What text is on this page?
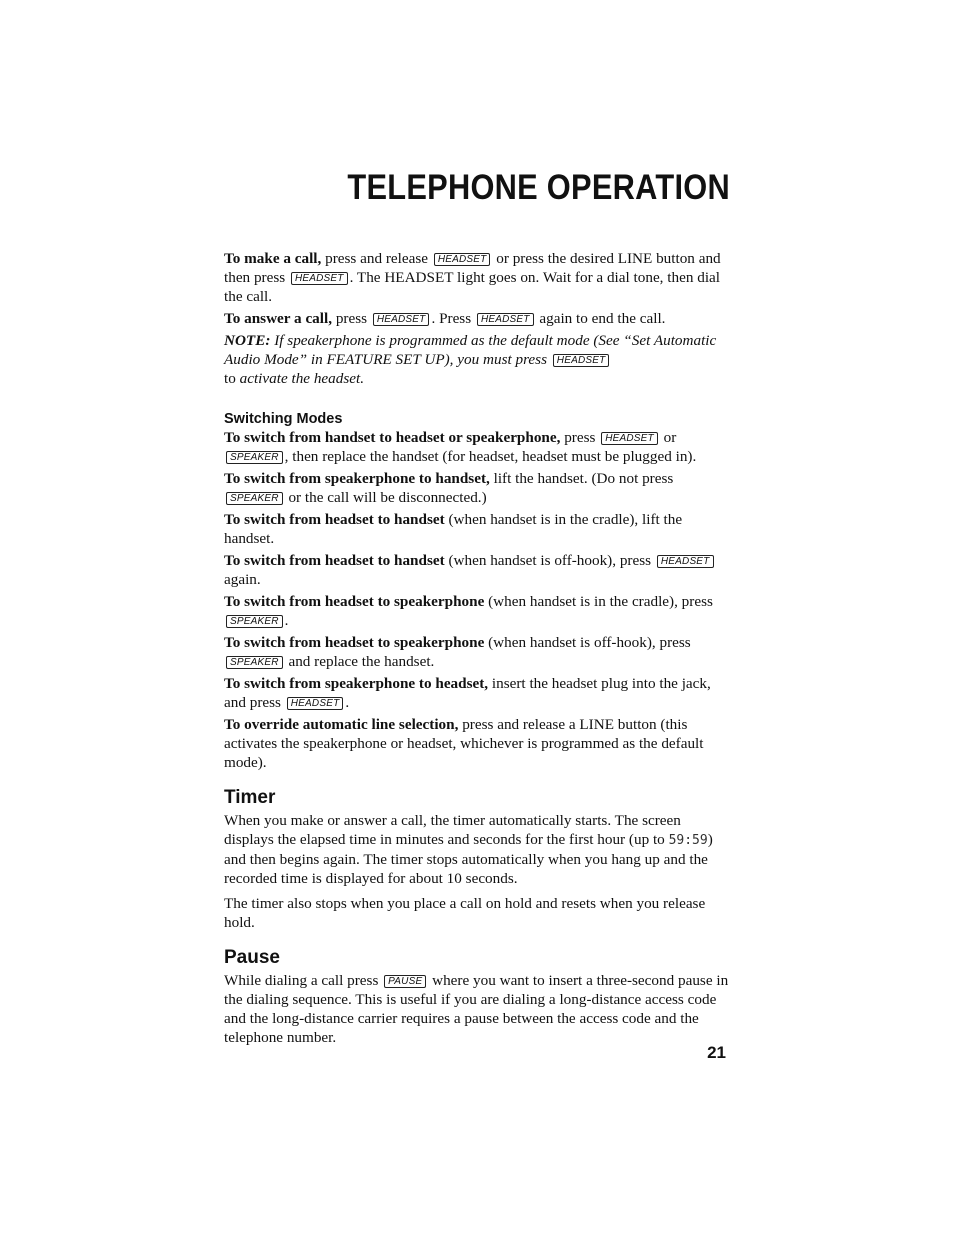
TELEPHONE OPERATION

To make a call, press and release HEADSET or press the desired LINE button and then press HEADSET . The HEADSET light goes on. Wait for a dial tone, then dial the call.

To answer a call, press HEADSET . Press HEADSET again to end the call.

NOTE: If speakerphone is programmed as the default mode (See “Set Automatic Audio Mode” in FEATURE SET UP), you must press HEADSET
to activate the headset.

Switching Modes

To switch from handset to headset or speakerphone, press HEADSET or SPEAKER , then replace the handset (for headset, headset must be plugged in).

To switch from speakerphone to handset, lift the handset. (Do not press SPEAKER or the call will be disconnected.)

To switch from headset to handset (when handset is in the cradle), lift the handset.

To switch from headset to handset (when handset is off-hook), press HEADSET again.

To switch from headset to speakerphone (when handset is in the cradle), press SPEAKER .

To switch from headset to speakerphone (when handset is off-hook), press SPEAKER and replace the handset.

To switch from speakerphone to headset, insert the headset plug into the jack, and press HEADSET .

To override automatic line selection, press and release a LINE button (this activates the speakerphone or headset, whichever is programmed as the default mode).

Timer

When you make or answer a call, the timer automatically starts. The screen displays the elapsed time in minutes and seconds for the first hour (up to 59:59) and then begins again. The timer stops automatically when you hang up and the recorded time is displayed for about 10 seconds.

The timer also stops when you place a call on hold and resets when you release hold.

Pause

While dialing a call press PAUSE where you want to insert a three-second pause in the dialing sequence. This is useful if you are dialing a long-distance access code and the long-distance carrier requires a pause between the access code and the telephone number.

21
